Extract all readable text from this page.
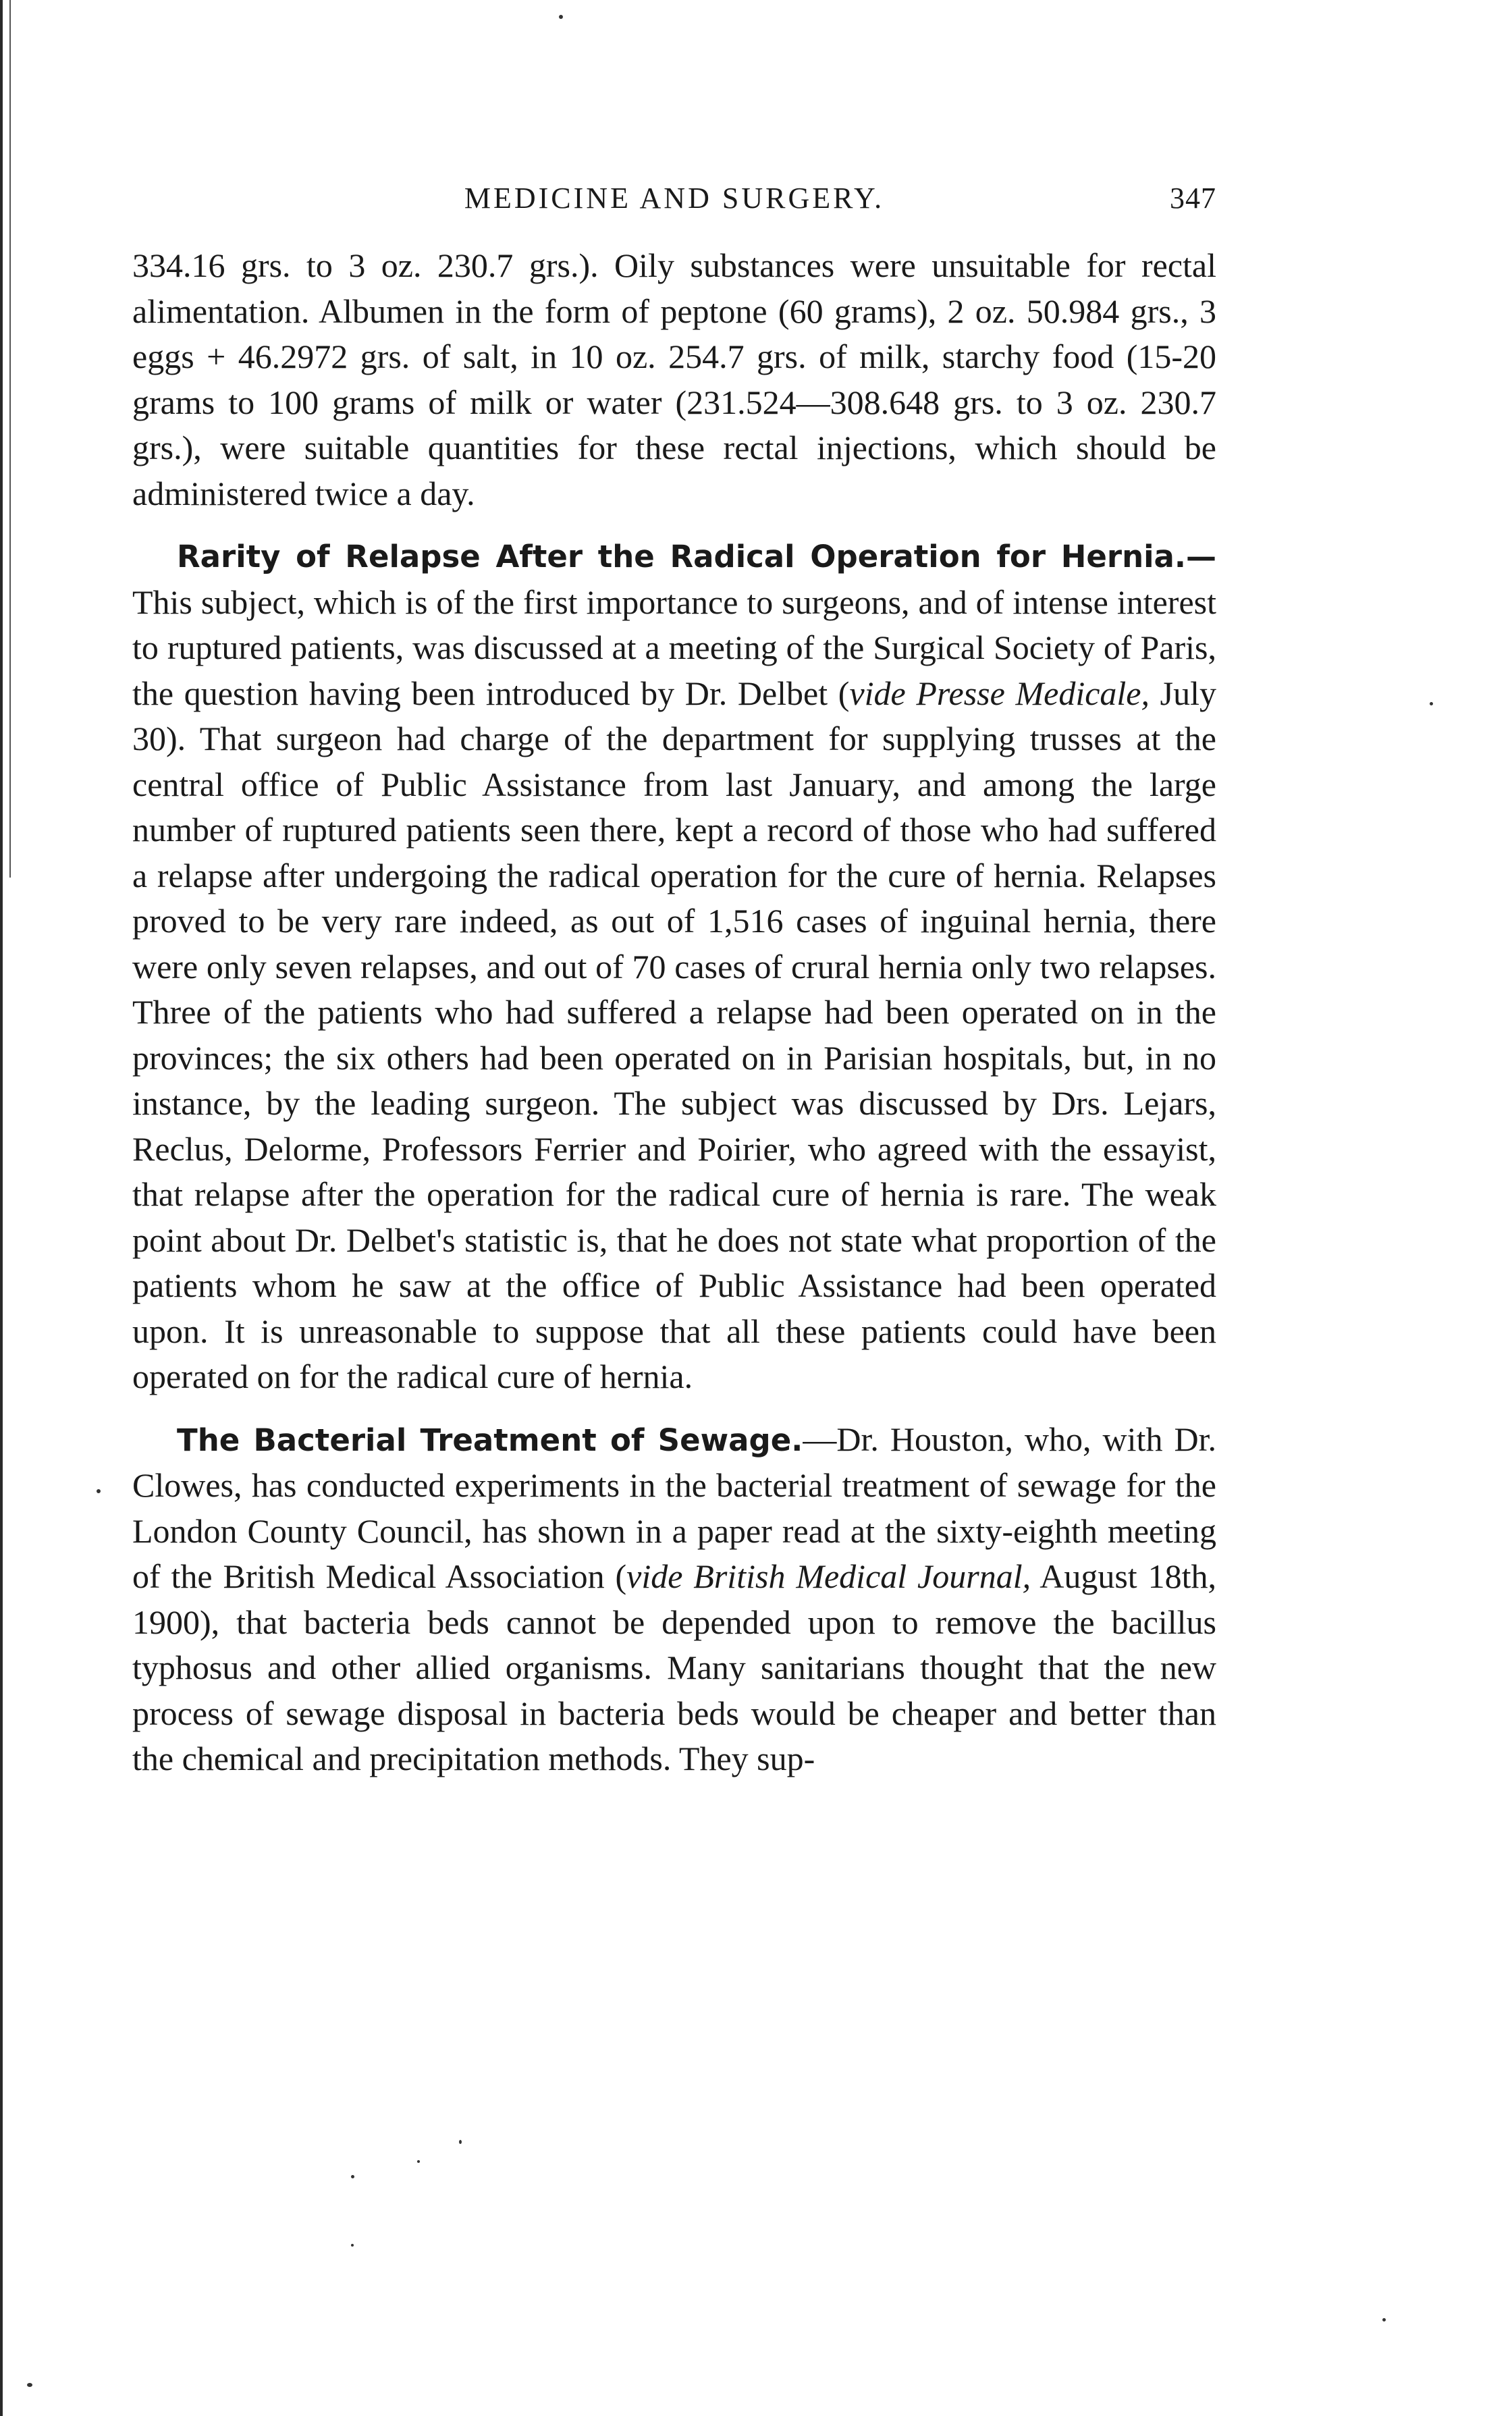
MEDICINE AND SURGERY.	347

334.16 grs. to 3 oz. 230.7 grs.). Oily substances were unsuitable for rectal alimentation. Albumen in the form of peptone (60 grams), 2 oz. 50.984 grs., 3 eggs + 46.2972 grs. of salt, in 10 oz. 254.7 grs. of milk, starchy food (15-20 grams to 100 grams of milk or water (231.524—308.648 grs. to 3 oz. 230.7 grs.), were suitable quantities for these rectal injections, which should be administered twice a day.

Rarity of Relapse After the Radical Operation for Hernia.—This subject, which is of the first importance to surgeons, and of intense interest to ruptured patients, was discussed at a meeting of the Surgical Society of Paris, the question having been introduced by Dr. Delbet (vide Presse Medicale, July 30). That surgeon had charge of the department for supplying trusses at the central office of Public Assistance from last January, and among the large number of ruptured patients seen there, kept a record of those who had suffered a relapse after undergoing the radical operation for the cure of hernia. Relapses proved to be very rare indeed, as out of 1,516 cases of inguinal hernia, there were only seven relapses, and out of 70 cases of crural hernia only two relapses. Three of the patients who had suffered a relapse had been operated on in the provinces; the six others had been operated on in Parisian hospitals, but, in no instance, by the leading surgeon. The subject was discussed by Drs. Lejars, Reclus, Delorme, Professors Ferrier and Poirier, who agreed with the essayist, that relapse after the operation for the radical cure of hernia is rare. The weak point about Dr. Delbet's statistic is, that he does not state what proportion of the patients whom he saw at the office of Public Assistance had been operated upon. It is unreasonable to suppose that all these patients could have been operated on for the radical cure of hernia.

The Bacterial Treatment of Sewage.—Dr. Houston, who, with Dr. Clowes, has conducted experiments in the bacterial treatment of sewage for the London County Council, has shown in a paper read at the sixty-eighth meeting of the British Medical Association (vide British Medical Journal, August 18th, 1900), that bacteria beds cannot be depended upon to remove the bacillus typhosus and other allied organisms. Many sanitarians thought that the new process of sewage disposal in bacteria beds would be cheaper and better than the chemical and precipitation methods. They sup-
